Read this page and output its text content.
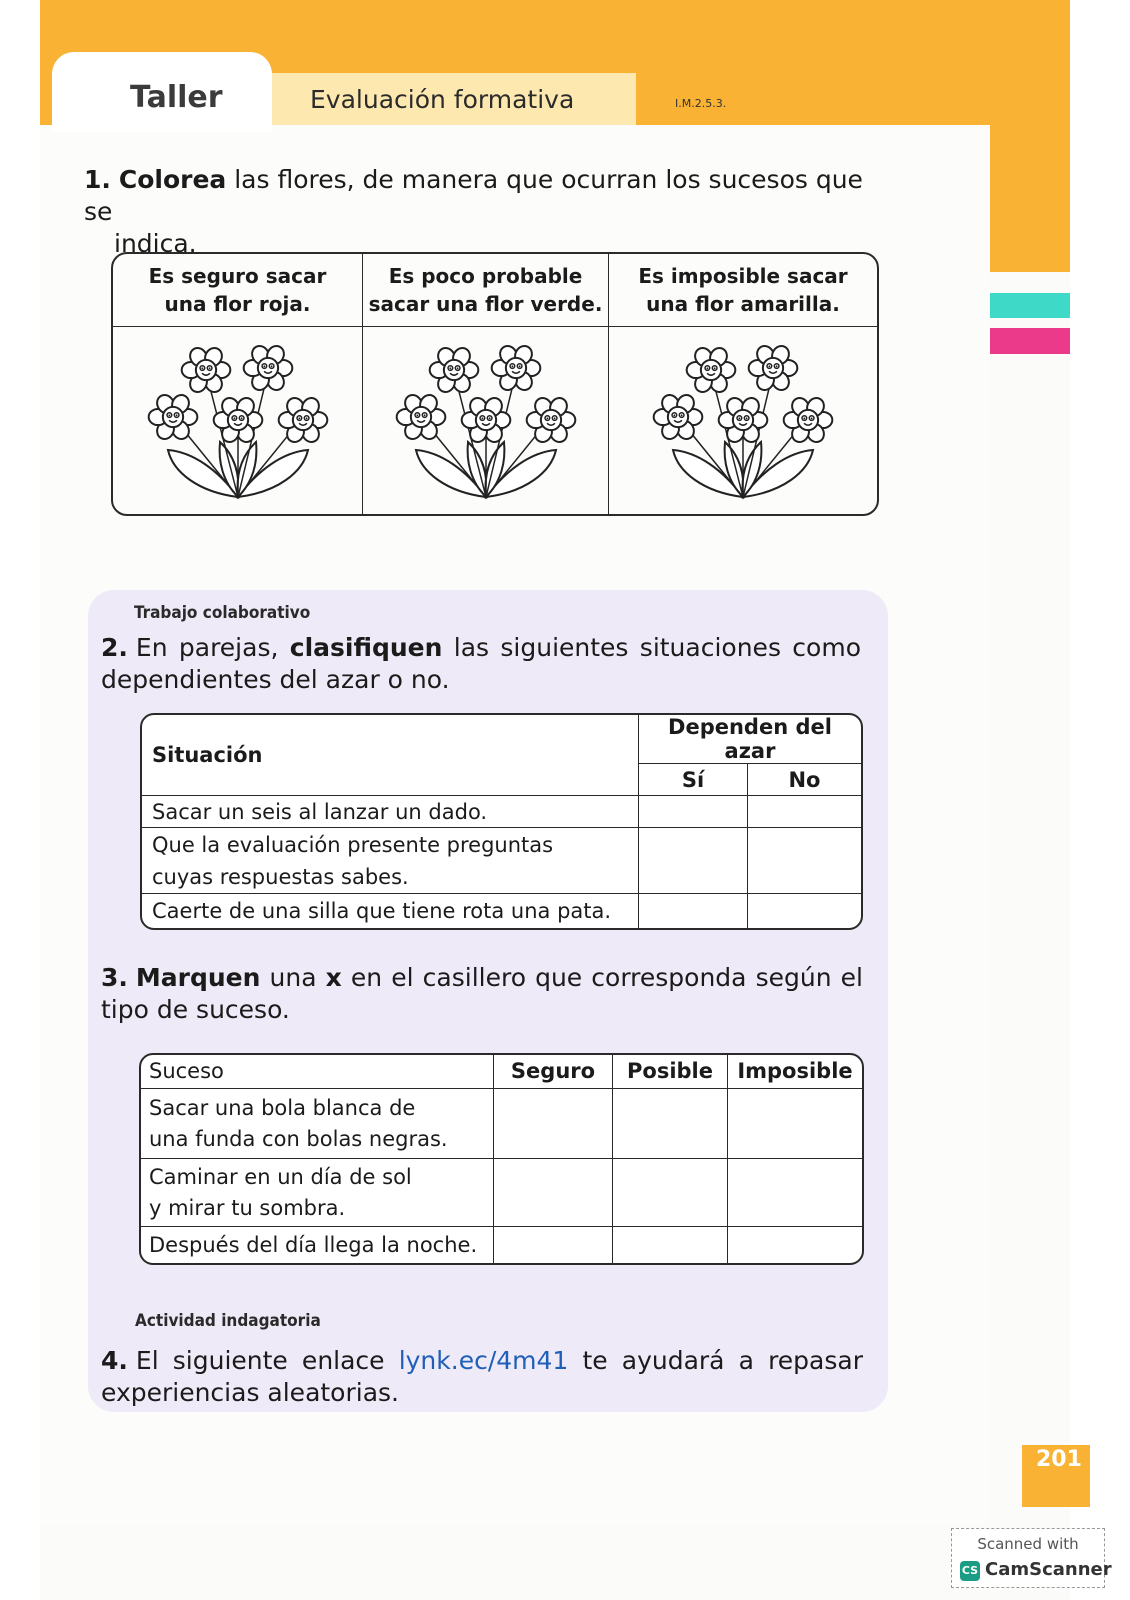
Taller	Evaluación formativa	I.M.2.5.3.
1. Colorea las flores, de manera que ocurran los sucesos que se
indica.
Es seguro sacar
una flor roja.	Es poco probable
sacar una flor verde.	Es imposible sacar
una flor amarilla.

Trabajo colaborativo
2. En parejas, clasifiquen las siguientes situaciones como dependientes del azar o no.
Situación	Dependen del azar	
	Sí	No
Sacar un seis al lanzar un dado.		
Que la evaluación presente preguntas
cuyas respuestas sabes.		
Caerte de una silla que tiene rota una pata.		
3. Marquen una x en el casillero que corresponda según el tipo de suceso.
Suceso	Seguro	Posible	Imposible
Sacar una bola blanca de
una funda con bolas negras.			
Caminar en un día de sol
y mirar tu sombra.			
Después del día llega la noche.			
Actividad indagatoria
4. El siguiente enlace lynk.ec/4m41 te ayudará a repasar experiencias aleatorias.
201
Scanned with
CS CamScanner
